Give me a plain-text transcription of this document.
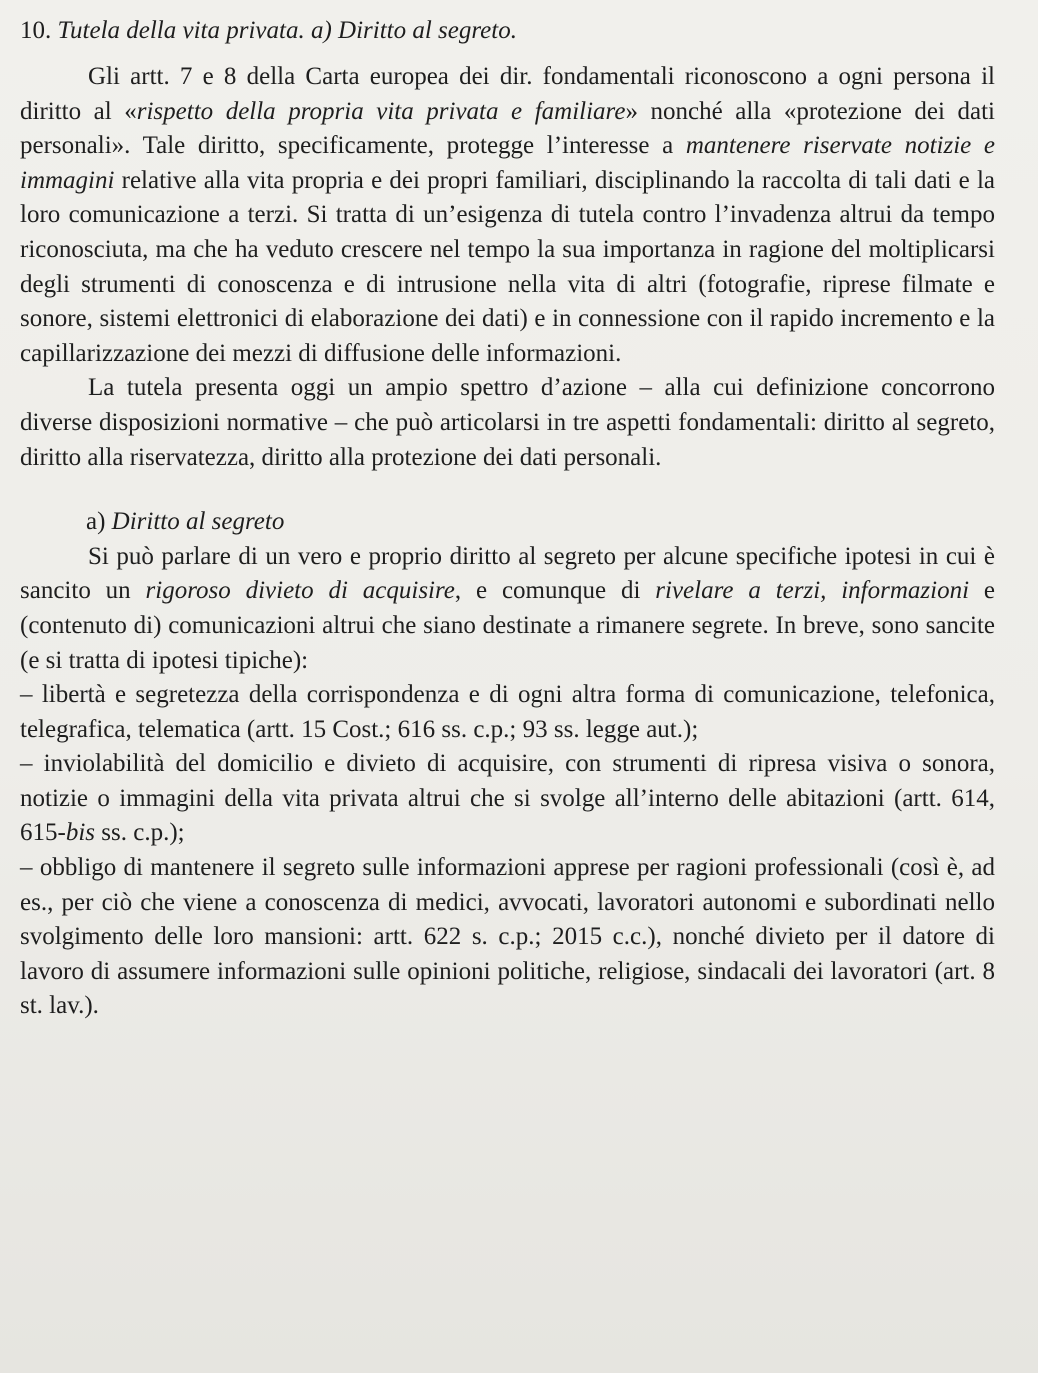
10. Tutela della vita privata. a) Diritto al segreto.

Gli artt. 7 e 8 della Carta europea dei dir. fondamentali riconoscono a ogni persona il diritto al «rispetto della propria vita privata e familiare» nonché alla «protezione dei dati personali». Tale diritto, specificamente, protegge l’interesse a mantenere riservate notizie e immagini relative alla vita propria e dei propri familiari, disciplinando la raccolta di tali dati e la loro comunicazione a terzi. Si tratta di un’esigenza di tutela contro l’invadenza altrui da tempo riconosciuta, ma che ha veduto crescere nel tempo la sua importanza in ragione del moltiplicarsi degli strumenti di conoscenza e di intrusione nella vita di altri (fotografie, riprese filmate e sonore, sistemi elettronici di elaborazione dei dati) e in connessione con il rapido incremento e la capillarizzazione dei mezzi di diffusione delle informazioni.

La tutela presenta oggi un ampio spettro d’azione – alla cui definizione concorrono diverse disposizioni normative – che può articolarsi in tre aspetti fondamentali: diritto al segreto, diritto alla riservatezza, diritto alla protezione dei dati personali.

a) Diritto al segreto

Si può parlare di un vero e proprio diritto al segreto per alcune specifiche ipotesi in cui è sancito un rigoroso divieto di acquisire, e comunque di rivelare a terzi, informazioni e (contenuto di) comunicazioni altrui che siano destinate a rimanere segrete. In breve, sono sancite (e si tratta di ipotesi tipiche):

– libertà e segretezza della corrispondenza e di ogni altra forma di comunicazione, telefonica, telegrafica, telematica (artt. 15 Cost.; 616 ss. c.p.; 93 ss. legge aut.);
– inviolabilità del domicilio e divieto di acquisire, con strumenti di ripresa visiva o sonora, notizie o immagini della vita privata altrui che si svolge all’interno delle abitazioni (artt. 614, 615-bis ss. c.p.);
– obbligo di mantenere il segreto sulle informazioni apprese per ragioni professionali (così è, ad es., per ciò che viene a conoscenza di medici, avvocati, lavoratori autonomi e subordinati nello svolgimento delle loro mansioni: artt. 622 s. c.p.; 2015 c.c.), nonché divieto per il datore di lavoro di assumere informazioni sulle opinioni politiche, religiose, sindacali dei lavoratori (art. 8 st. lav.).
